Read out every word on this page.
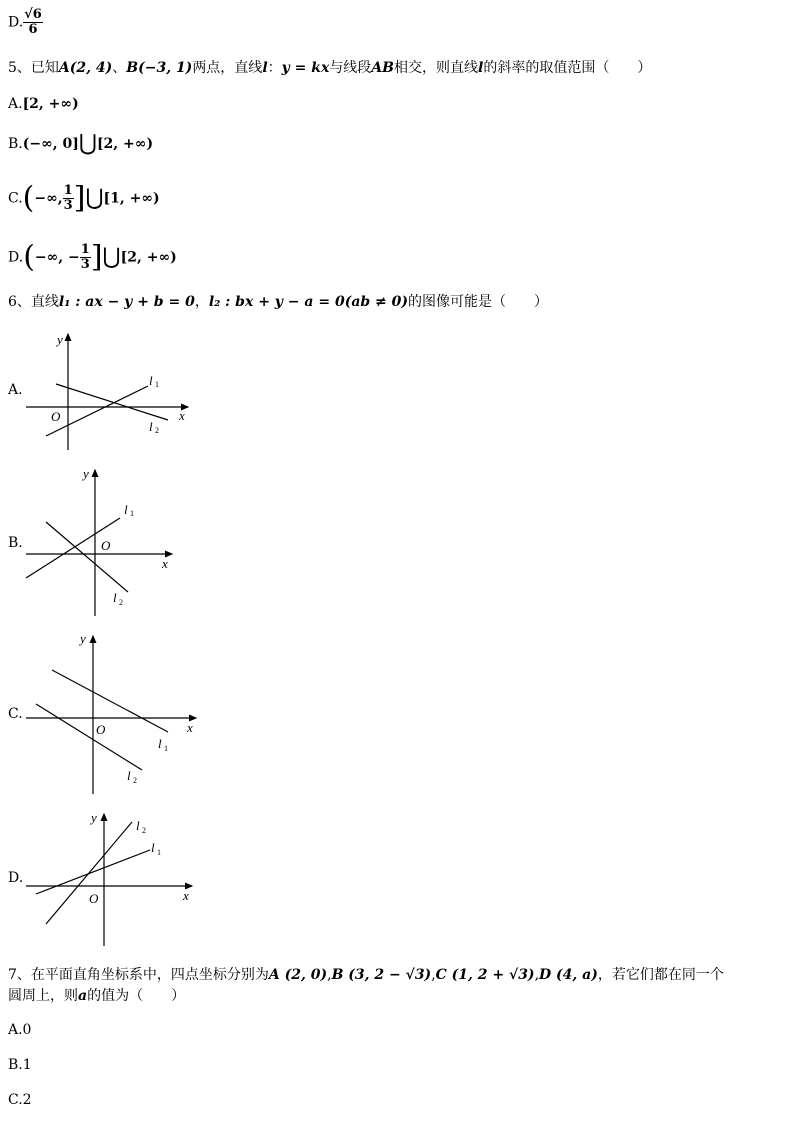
D. $\frac{√6}{6}$
5、已知A(2, 4)、B(−3, 1)两点，直线l：y = kx与线段AB相交，则直线l的斜率的取值范围（　　）
A.[2, +∞)
B.(−∞, 0]⋃[2, +∞)
C.(−∞, $\frac{1}{3}$ ]⋃[1, +∞)
D.(−∞, − $\frac{1}{3}$ ]⋃[2, +∞)
6、直线l₁ : ax − y + b = 0，l₂ : bx + y − a = 0(ab ≠ 0)的图像可能是（　　）
A.
B.
C.
D.
y
x
O
l 1
l 2
y
x
O
l 1
l 2
y
x
O
l 1
l 2
y
x
O
l 1
l 2
7、在平面直角坐标系中，四点坐标分别为A (2, 0),B (3, 2 − √3),C (1, 2 + √3),D (4, a)，若它们都在同一个
圆周上，则a的值为（　　）
A.0
B.1
C.2
